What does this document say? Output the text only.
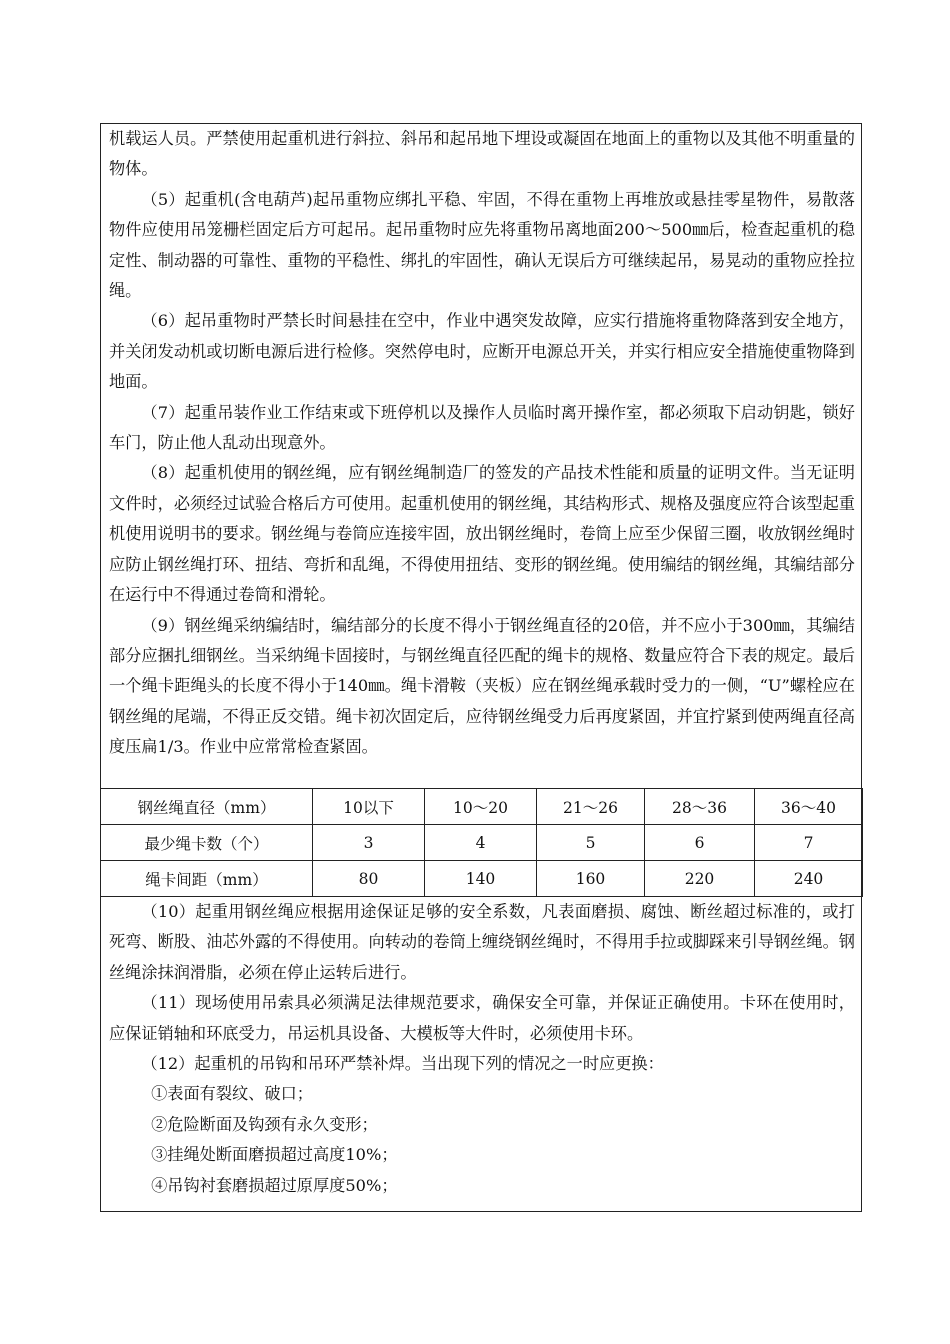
机载运人员。严禁使用起重机进行斜拉、斜吊和起吊地下埋设或凝固在地面上的重物以及其他不明重量的物体。

（5）起重机(含电葫芦)起吊重物应绑扎平稳、牢固，不得在重物上再堆放或悬挂零星物件，易散落物件应使用吊笼栅栏固定后方可起吊。起吊重物时应先将重物吊离地面200～500㎜后，检查起重机的稳定性、制动器的可靠性、重物的平稳性、绑扎的牢固性，确认无误后方可继续起吊，易晃动的重物应拴拉绳。

（6）起吊重物时严禁长时间悬挂在空中，作业中遇突发故障，应实行措施将重物降落到安全地方，并关闭发动机或切断电源后进行检修。突然停电时，应断开电源总开关，并实行相应安全措施使重物降到地面。

（7）起重吊装作业工作结束或下班停机以及操作人员临时离开操作室，都必须取下启动钥匙，锁好车门，防止他人乱动出现意外。

（8）起重机使用的钢丝绳，应有钢丝绳制造厂的签发的产品技术性能和质量的证明文件。当无证明文件时，必须经过试验合格后方可使用。起重机使用的钢丝绳，其结构形式、规格及强度应符合该型起重机使用说明书的要求。钢丝绳与卷筒应连接牢固，放出钢丝绳时，卷筒上应至少保留三圈，收放钢丝绳时应防止钢丝绳打环、扭结、弯折和乱绳，不得使用扭结、变形的钢丝绳。使用编结的钢丝绳，其编结部分在运行中不得通过卷筒和滑轮。

（9）钢丝绳采纳编结时，编结部分的长度不得小于钢丝绳直径的20倍，并不应小于300㎜，其编结部分应捆扎细钢丝。当采纳绳卡固接时，与钢丝绳直径匹配的绳卡的规格、数量应符合下表的规定。最后一个绳卡距绳头的长度不得小于140㎜。绳卡滑鞍（夹板）应在钢丝绳承载时受力的一侧，“U”螺栓应在钢丝绳的尾端，不得正反交错。绳卡初次固定后，应待钢丝绳受力后再度紧固，并宜拧紧到使两绳直径高度压扁1/3。作业中应常常检查紧固。

钢丝绳直径（mm）	10以下	10～20	21～26	28～36	36～40
最少绳卡数（个）	3	4	5	6	7
绳卡间距（mm）	80	140	160	220	240

（10）起重用钢丝绳应根据用途保证足够的安全系数，凡表面磨损、腐蚀、断丝超过标准的，或打死弯、断股、油芯外露的不得使用。向转动的卷筒上缠绕钢丝绳时，不得用手拉或脚踩来引导钢丝绳。钢丝绳涂抹润滑脂，必须在停止运转后进行。

（11）现场使用吊索具必须满足法律规范要求，确保安全可靠，并保证正确使用。卡环在使用时，应保证销轴和环底受力，吊运机具设备、大模板等大件时，必须使用卡环。

（12）起重机的吊钩和吊环严禁补焊。当出现下列的情况之一时应更换：

①表面有裂纹、破口；

②危险断面及钩颈有永久变形；

③挂绳处断面磨损超过高度10%；

④吊钩衬套磨损超过原厚度50%；
